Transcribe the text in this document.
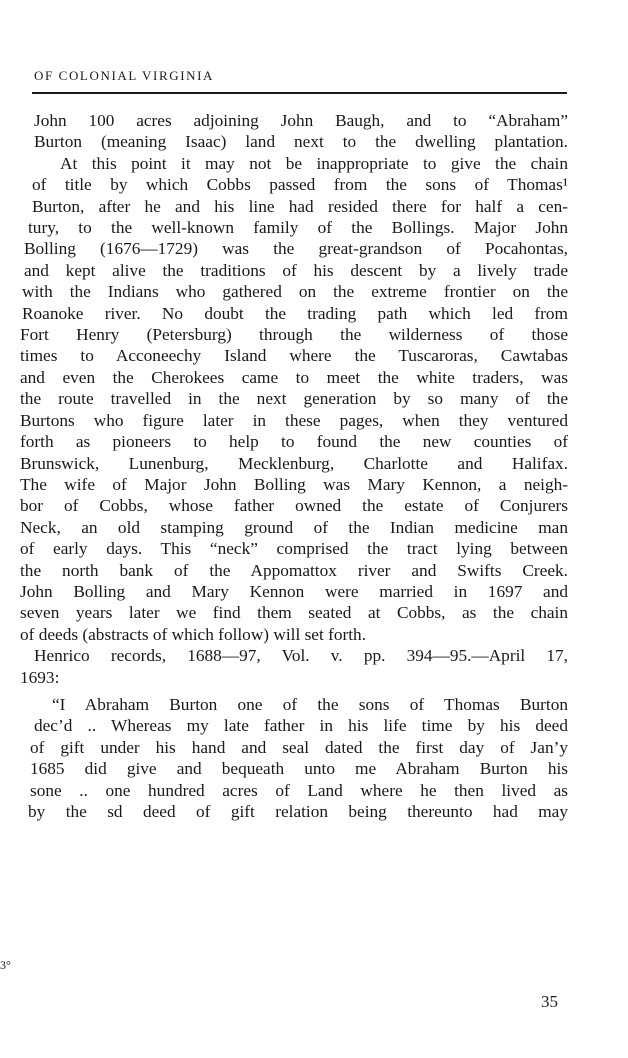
OF COLONIAL VIRGINIA
John 100 acres adjoining John Baugh, and to “Abraham”
Burton (meaning Isaac) land next to the dwelling plantation.
At this point it may not be inappropriate to give the chain
of title by which Cobbs passed from the sons of Thomas¹
Burton, after he and his line had resided there for half a cen-
tury, to the well-known family of the Bollings. Major John
Bolling (1676—1729) was the great-grandson of Pocahontas,
and kept alive the traditions of his descent by a lively trade
with the Indians who gathered on the extreme frontier on the
Roanoke river. No doubt the trading path which led from
Fort Henry (Petersburg) through the wilderness of those
times to Acconeechy Island where the Tuscaroras, Cawtabas
and even the Cherokees came to meet the white traders, was
the route travelled in the next generation by so many of the
Burtons who figure later in these pages, when they ventured
forth as pioneers to help to found the new counties of
Brunswick, Lunenburg, Mecklenburg, Charlotte and Halifax.
The wife of Major John Bolling was Mary Kennon, a neigh-
bor of Cobbs, whose father owned the estate of Conjurers
Neck, an old stamping ground of the Indian medicine man
of early days. This “neck” comprised the tract lying between
the north bank of the Appomattox river and Swifts Creek.
John Bolling and Mary Kennon were married in 1697 and
seven years later we find them seated at Cobbs, as the chain
of deeds (abstracts of which follow) will set forth.
Henrico records, 1688—97, Vol. v. pp. 394—95.—April 17,
1693:
“I Abraham Burton one of the sons of Thomas Burton
dec’d .. Whereas my late father in his life time by his deed
of gift under his hand and seal dated the first day of Jan’y
1685 did give and bequeath unto me Abraham Burton his
sone .. one hundred acres of Land where he then lived as
by the sd deed of gift relation being thereunto had may
3°
35
